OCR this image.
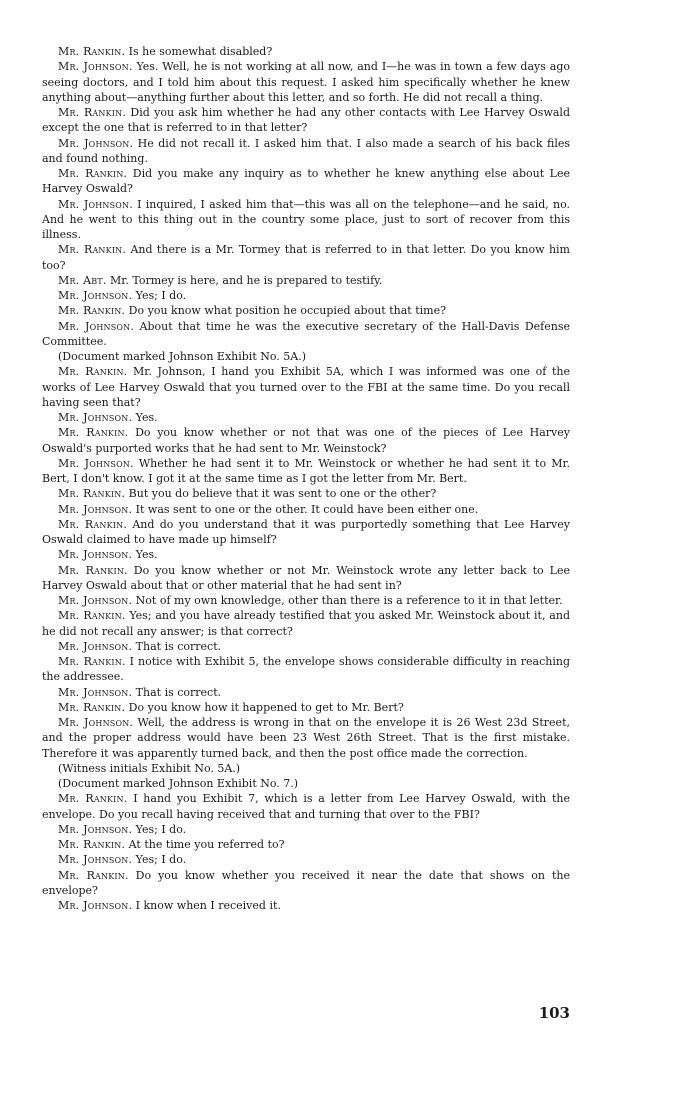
Mr. Rankin. Is he somewhat disabled?

Mr. Johnson. Yes. Well, he is not working at all now, and I—he was in town a few days ago seeing doctors, and I told him about this request. I asked him specifically whether he knew anything about—anything further about this letter, and so forth. He did not recall a thing.

Mr. Rankin. Did you ask him whether he had any other contacts with Lee Harvey Oswald except the one that is referred to in that letter?

Mr. Johnson. He did not recall it. I asked him that. I also made a search of his back files and found nothing.

Mr. Rankin. Did you make any inquiry as to whether he knew anything else about Lee Harvey Oswald?

Mr. Johnson. I inquired, I asked him that—this was all on the telephone—and he said, no. And he went to this thing out in the country some place, just to sort of recover from this illness.

Mr. Rankin. And there is a Mr. Tormey that is referred to in that letter. Do you know him too?

Mr. Abt. Mr. Tormey is here, and he is prepared to testify.

Mr. Johnson. Yes; I do.

Mr. Rankin. Do you know what position he occupied about that time?

Mr. Johnson. About that time he was the executive secretary of the Hall-Davis Defense Committee.

(Document marked Johnson Exhibit No. 5A.)

Mr. Rankin. Mr. Johnson, I hand you Exhibit 5A, which I was informed was one of the works of Lee Harvey Oswald that you turned over to the FBI at the same time. Do you recall having seen that?

Mr. Johnson. Yes.

Mr. Rankin. Do you know whether or not that was one of the pieces of Lee Harvey Oswald's purported works that he had sent to Mr. Weinstock?

Mr. Johnson. Whether he had sent it to Mr. Weinstock or whether he had sent it to Mr. Bert, I don't know. I got it at the same time as I got the letter from Mr. Bert.

Mr. Rankin. But you do believe that it was sent to one or the other?

Mr. Johnson. It was sent to one or the other. It could have been either one.

Mr. Rankin. And do you understand that it was purportedly something that Lee Harvey Oswald claimed to have made up himself?

Mr. Johnson. Yes.

Mr. Rankin. Do you know whether or not Mr. Weinstock wrote any letter back to Lee Harvey Oswald about that or other material that he had sent in?

Mr. Johnson. Not of my own knowledge, other than there is a reference to it in that letter.

Mr. Rankin. Yes; and you have already testified that you asked Mr. Weinstock about it, and he did not recall any answer; is that correct?

Mr. Johnson. That is correct.

Mr. Rankin. I notice with Exhibit 5, the envelope shows considerable difficulty in reaching the addressee.

Mr. Johnson. That is correct.

Mr. Rankin. Do you know how it happened to get to Mr. Bert?

Mr. Johnson. Well, the address is wrong in that on the envelope it is 26 West 23d Street, and the proper address would have been 23 West 26th Street. That is the first mistake. Therefore it was apparently turned back, and then the post office made the correction.

(Witness initials Exhibit No. 5A.)

(Document marked Johnson Exhibit No. 7.)

Mr. Rankin. I hand you Exhibit 7, which is a letter from Lee Harvey Oswald, with the envelope. Do you recall having received that and turning that over to the FBI?

Mr. Johnson. Yes; I do.

Mr. Rankin. At the time you referred to?

Mr. Johnson. Yes; I do.

Mr. Rankin. Do you know whether you received it near the date that shows on the envelope?

Mr. Johnson. I know when I received it.

103
